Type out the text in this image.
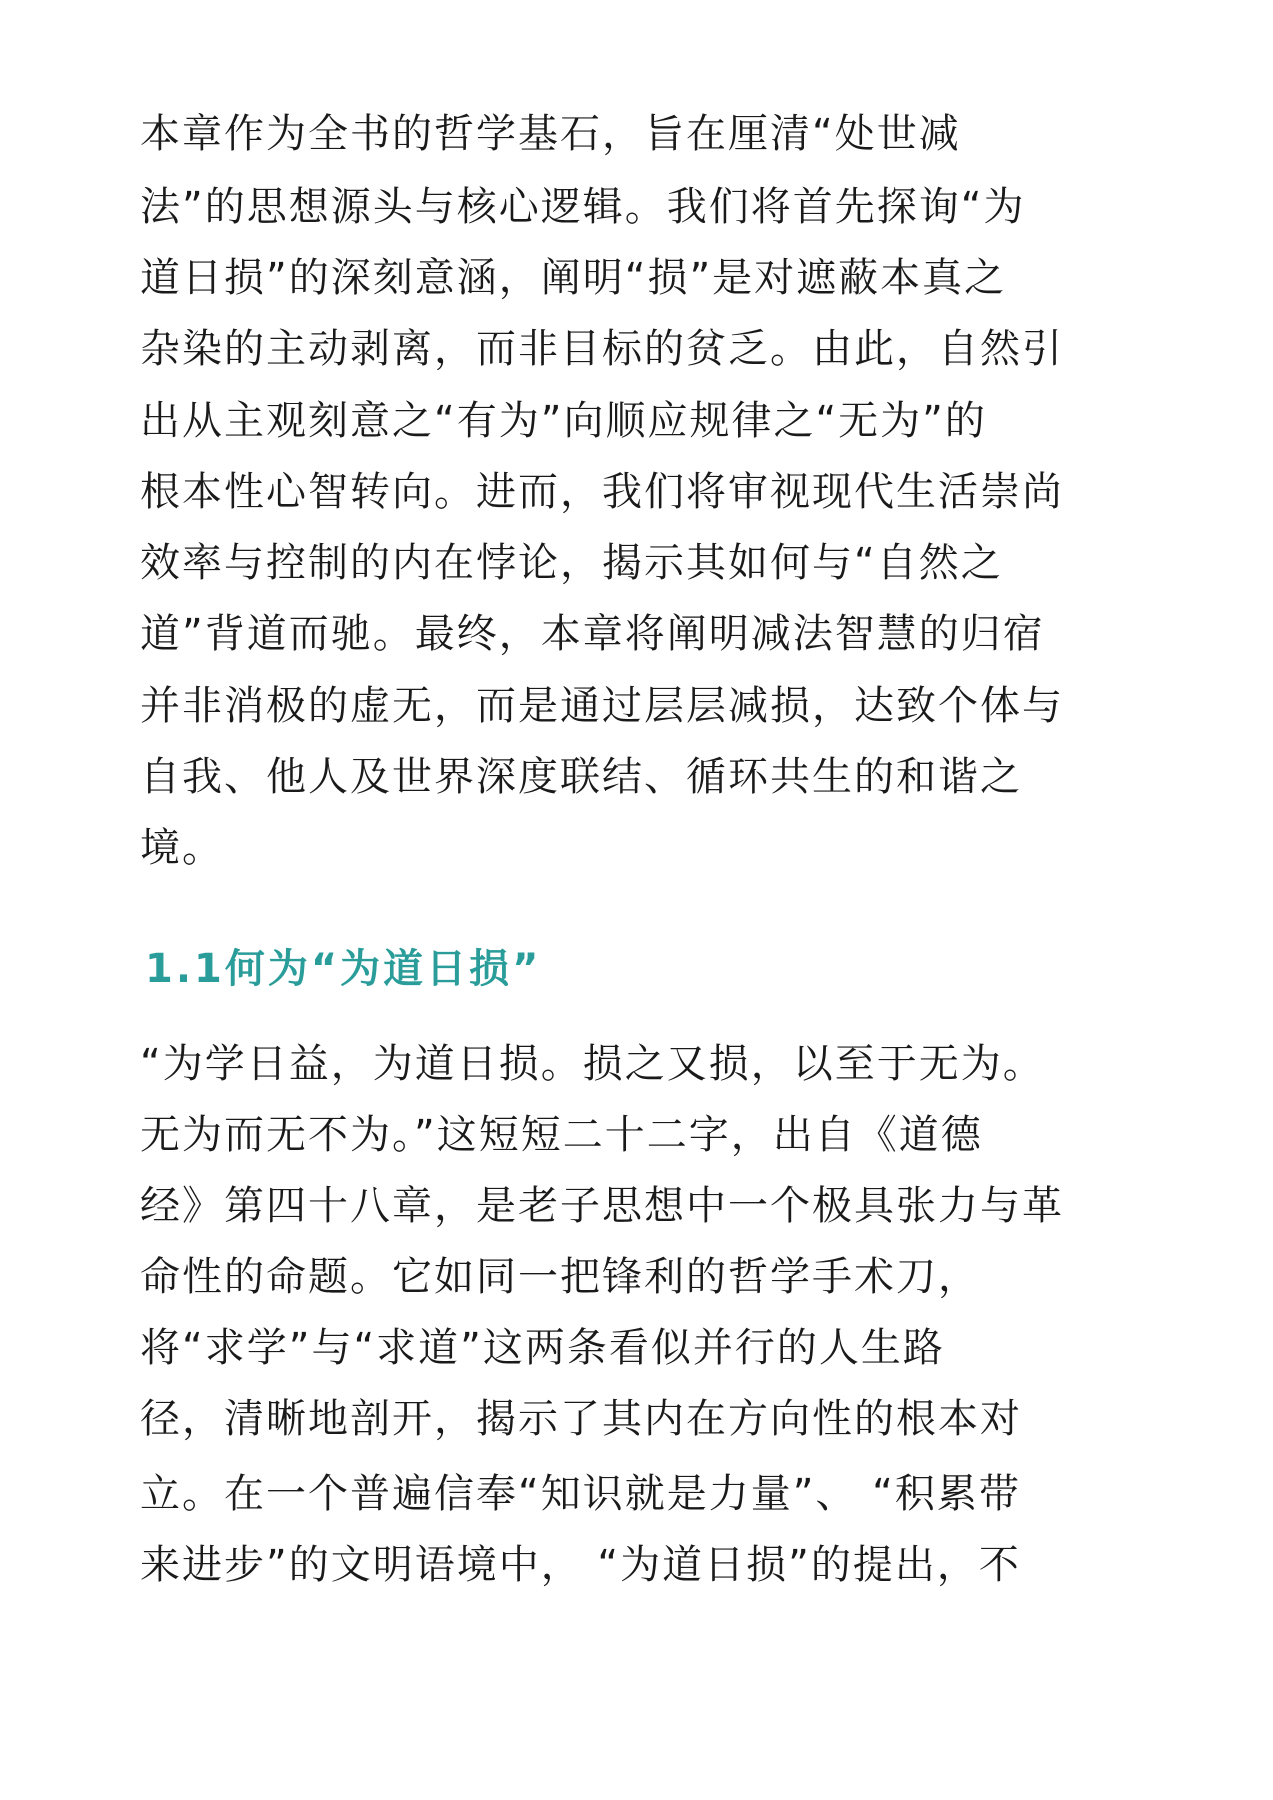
本章作为全书的哲学基石，旨在厘清“处世减
法”的思想源头与核心逻辑。我们将首先探询“为
道日损”的深刻意涵，阐明“损”是对遮蔽本真之
杂染的主动剥离，而非目标的贫乏。由此，自然引
出从主观刻意之“有为”向顺应规律之“无为”的
根本性心智转向。进而，我们将审视现代生活崇尚
效率与控制的内在悖论，揭示其如何与“自然之
道”背道而驰。最终，本章将阐明减法智慧的归宿
并非消极的虚无，而是通过层层减损，达致个体与
自我、他人及世界深度联结、循环共生的和谐之
境。
1.1何为“为道日损”
“为学日益，为道日损。损之又损，以至于无为。
无为而无不为。”这短短二十二字，出自《道德
经》第四十八章，是老子思想中一个极具张力与革
命性的命题。它如同一把锋利的哲学手术刀，
将“求学”与“求道”这两条看似并行的人生路
径，清晰地剖开，揭示了其内在方向性的根本对
立。在一个普遍信奉“知识就是力量”、 “积累带
来进步”的文明语境中， “为道日损”的提出，不
